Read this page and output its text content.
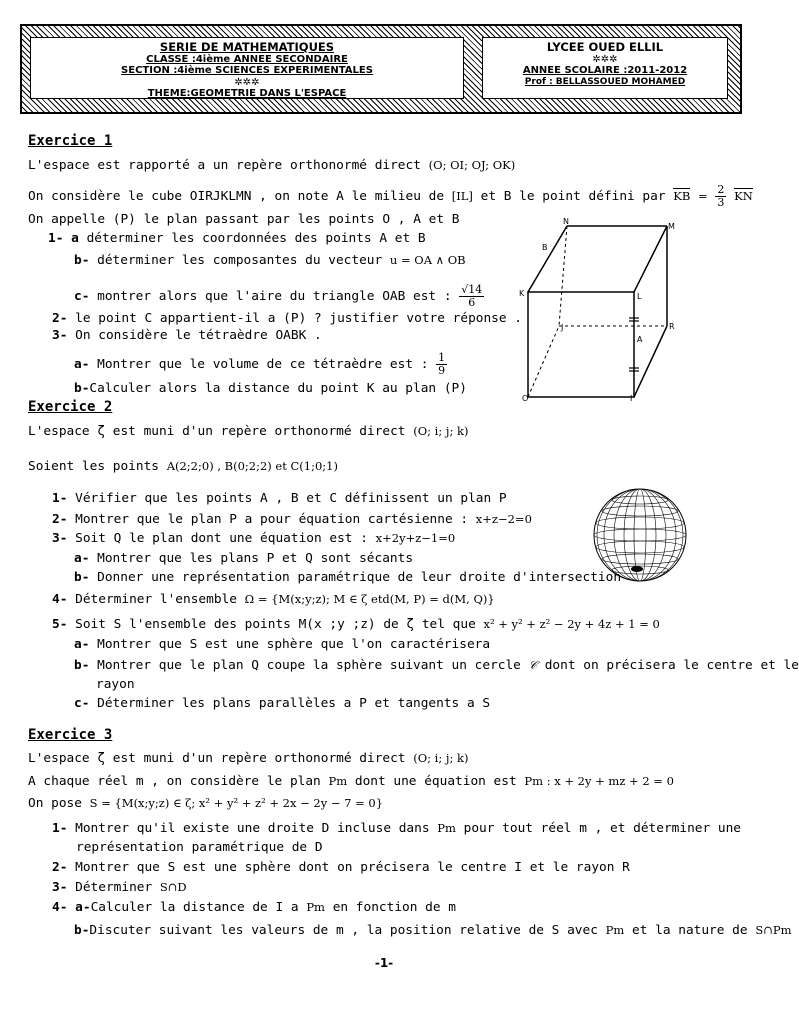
SERIE DE MATHEMATIQUES
CLASSE :4ième ANNEE SECONDAIRE
SECTION :4ième SCIENCES EXPERIMENTALES
✲✲✲
THEME:GEOMETRIE DANS L'ESPACE
LYCEE OUED ELLIL
✲✲✲
ANNEE SCOLAIRE :2011-2012
Prof : BELLASSOUED MOHAMED
Exercice 1
L'espace est rapporté a un repère orthonormé direct (O; OI; OJ; OK)
On considère le cube OIRJKLMN , on note A le milieu de [IL] et B le point défini par KB = $\frac{2}{3}$ KN
On appelle (P) le plan passant par les points O , A et B
1- a déterminer les coordonnées des points A et B
b- déterminer les composantes du vecteur u = OA ∧ OB
c- montrer alors que l'aire du triangle OAB est : $\frac{√14}{6}$
2- le point C appartient-il a (P) ? justifier votre réponse .
3- On considère le tétraèdre OABK .
a- Montrer que le volume de ce tétraèdre est : $\frac{1}{9}$
b-Calculer alors la distance du point K au plan (P)
N
M
B
K	L
J	R
A
O	I
Exercice 2
L'espace ζ est muni d'un repère orthonormé direct (O; i; j; k)
Soient les points A(2;2;0) , B(0;2;2) et C(1;0;1)
1- Vérifier que les points A , B et C définissent un plan P
2- Montrer que le plan P a pour équation cartésienne : x+z−2=0
3- Soit Q le plan dont une équation est : x+2y+z−1=0
a- Montrer que les plans P et Q sont sécants
b- Donner une représentation paramétrique de leur droite d'intersection
4- Déterminer l'ensemble Ω = {M(x;y;z); M ∈ ζ etd(M, P) = d(M, Q)}
5- Soit S l'ensemble des points M(x ;y ;z) de ζ tel que x² + y² + z² − 2y + 4z + 1 = 0
a- Montrer que S est une sphère que l'on caractérisera
b- Montrer que le plan Q coupe la sphère suivant un cercle 𝒞 dont on précisera le centre et le
rayon
c- Déterminer les plans parallèles a P et tangents a S
Exercice 3
L'espace ζ est muni d'un repère orthonormé direct (O; i; j; k)
A chaque réel m , on considère le plan Pm dont une équation est Pm : x + 2y + mz + 2 = 0
On pose S = {M(x;y;z) ∈ ζ; x² + y² + z² + 2x − 2y − 7 = 0}
1- Montrer qu'il existe une droite D incluse dans Pm pour tout réel m , et déterminer une
représentation paramétrique de D
2- Montrer que S est une sphère dont on précisera le centre I et le rayon R
3- Déterminer S∩D
4- a-Calculer la distance de I a Pm en fonction de m
b-Discuter suivant les valeurs de m , la position relative de S avec Pm et la nature de S∩Pm
-1-
